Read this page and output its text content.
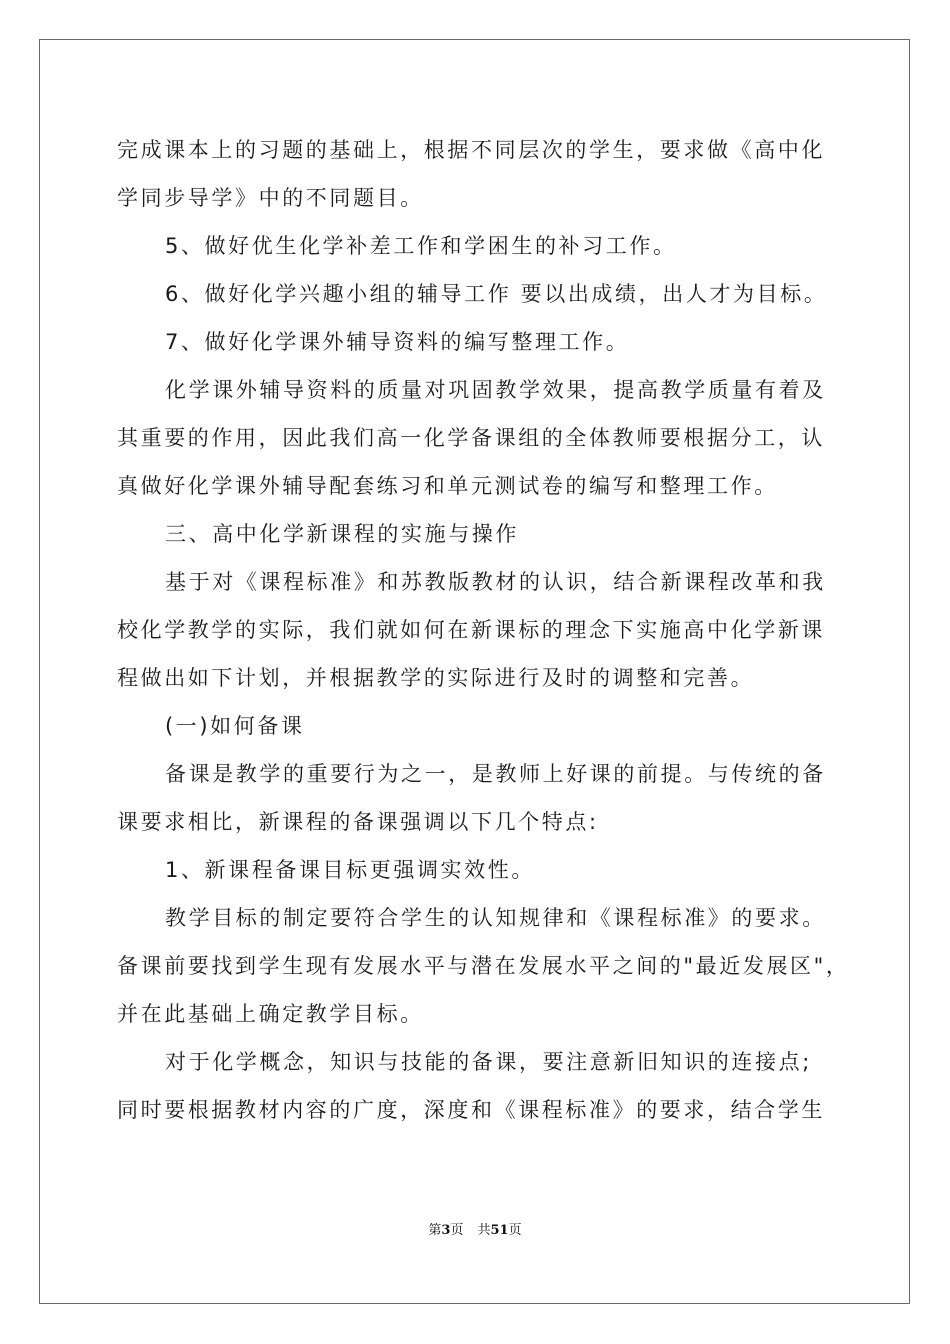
完成课本上的习题的基础上，根据不同层次的学生，要求做《高中化

学同步导学》中的不同题目。

5、做好优生化学补差工作和学困生的补习工作。

6、做好化学兴趣小组的辅导工作 要以出成绩，出人才为目标。

7、做好化学课外辅导资料的编写整理工作。

化学课外辅导资料的质量对巩固教学效果，提高教学质量有着及

其重要的作用，因此我们高一化学备课组的全体教师要根据分工，认

真做好化学课外辅导配套练习和单元测试卷的编写和整理工作。

三、高中化学新课程的实施与操作

基于对《课程标准》和苏教版教材的认识，结合新课程改革和我

校化学教学的实际，我们就如何在新课标的理念下实施高中化学新课

程做出如下计划，并根据教学的实际进行及时的调整和完善。

(一)如何备课

备课是教学的重要行为之一，是教师上好课的前提。与传统的备

课要求相比，新课程的备课强调以下几个特点:

1、新课程备课目标更强调实效性。

教学目标的制定要符合学生的认知规律和《课程标准》的要求。

备课前要找到学生现有发展水平与潜在发展水平之间的"最近发展区"，

并在此基础上确定教学目标。

对于化学概念，知识与技能的备课，要注意新旧知识的连接点;

同时要根据教材内容的广度，深度和《课程标准》的要求，结合学生

第3页 共51页
